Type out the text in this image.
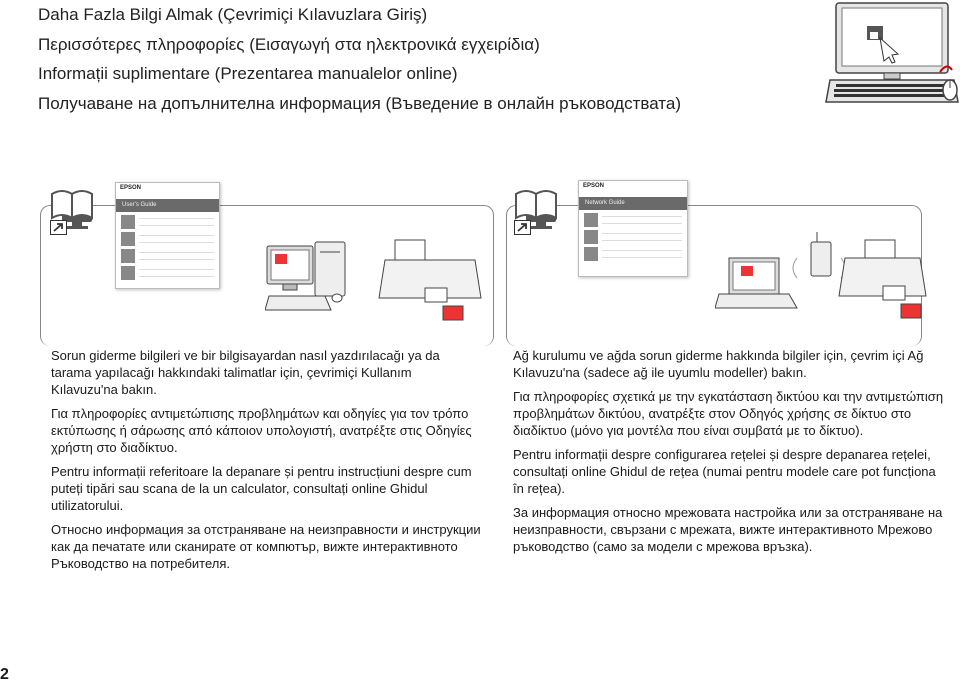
Daha Fazla Bilgi Almak (Çevrimiçi Kılavuzlara Giriş)
Περισσότερες πληροφορίες (Εισαγωγή στα ηλεκτρονικά εγχειρίδια)
Informații suplimentare (Prezentarea manualelor online)
Получаване на допълнителна информация (Въведение в онлайн ръководствата)
EPSON
User's Guide
EPSON
Network Guide

Sorun giderme bilgileri ve bir bilgisayardan nasıl yazdırılacağı ya da tarama yapılacağı hakkındaki talimatlar için, çevrimiçi Kullanım Kılavuzu'na bakın.

Για πληροφορίες αντιμετώπισης προβλημάτων και οδηγίες για τον τρόπο εκτύπωσης ή σάρωσης από κάποιον υπολογιστή, ανατρέξτε στις Οδηγίες χρήστη στο διαδίκτυο.

Pentru informații referitoare la depanare și pentru instrucțiuni despre cum puteți tipări sau scana de la un calculator, consultați online Ghidul utilizatorului.

Относно информация за отстраняване на неизправности и инструкции как да печатате или сканирате от компютър, вижте интерактивното Ръководство на потребителя.

Ağ kurulumu ve ağda sorun giderme hakkında bilgiler için, çevrim içi Ağ Kılavuzu'na (sadece ağ ile uyumlu modeller) bakın.

Για πληροφορίες σχετικά με την εγκατάσταση δικτύου και την αντιμετώπιση προβλημάτων δικτύου, ανατρέξτε στον Οδηγός χρήσης σε δίκτυο στο διαδίκτυο (μόνο για μοντέλα που είναι συμβατά με το δίκτυο).

Pentru informații despre configurarea rețelei și despre depanarea rețelei, consultați online Ghidul de rețea (numai pentru modele care pot funcționa în rețea).

За информация относно мрежовата настройка или за отстраняване на неизправности, свързани с мрежата, вижте интерактивното Мрежово ръководство (само за модели с мрежова връзка).

2
